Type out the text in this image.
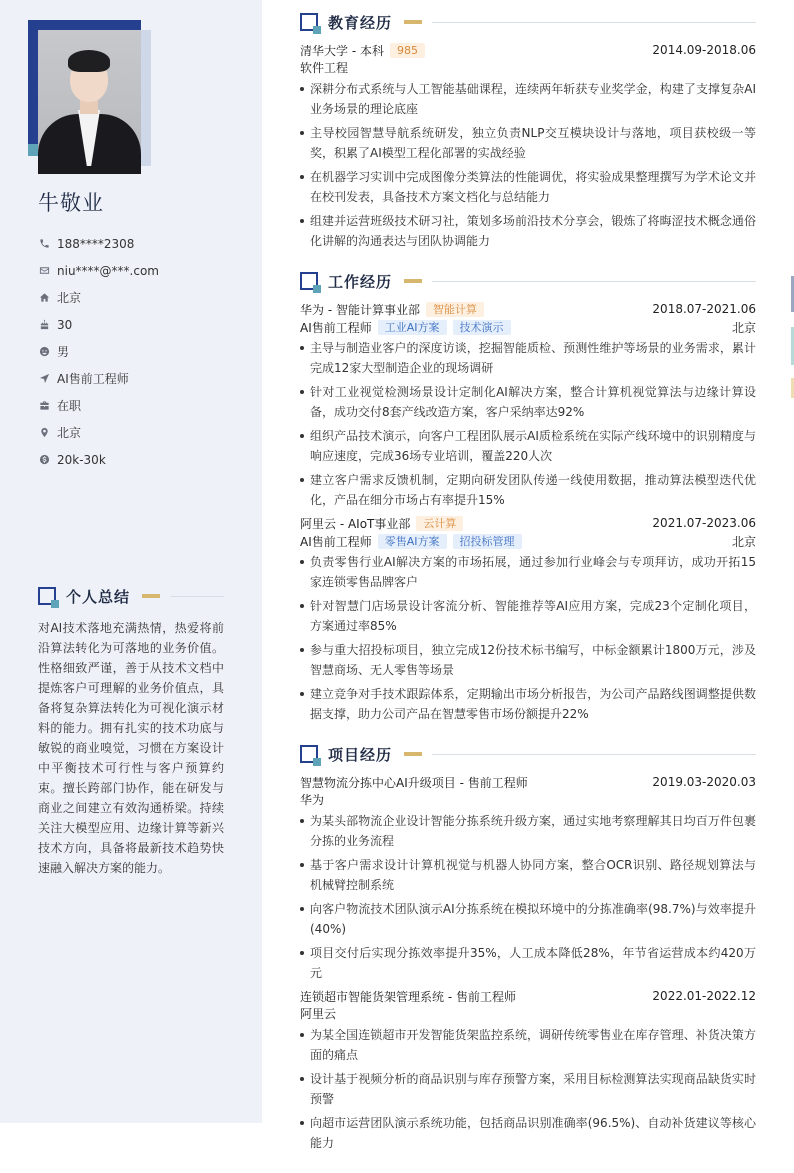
牛敬业
188****2308
niu****@***.com
北京
30
男
AI售前工程师
在职
北京
20k-30k
个人总结

对AI技术落地充满热情，热爱将前沿算法转化为可落地的业务价值。性格细致严谨，善于从技术文档中提炼客户可理解的业务价值点，具备将复杂算法转化为可视化演示材料的能力。拥有扎实的技术功底与敏锐的商业嗅觉，习惯在方案设计中平衡技术可行性与客户预算约束。擅长跨部门协作，能在研发与商业之间建立有效沟通桥梁。持续关注大模型应用、边缘计算等新兴技术方向，具备将最新技术趋势快速融入解决方案的能力。

教育经历
清华大学 - 本科	985	2014.09-2018.06
软件工程
深耕分布式系统与人工智能基础课程，连续两年斩获专业奖学金，构建了支撑复杂AI业务场景的理论底座
主导校园智慧导航系统研发，独立负责NLP交互模块设计与落地，项目获校级一等奖，积累了AI模型工程化部署的实战经验
在机器学习实训中完成图像分类算法的性能调优，将实验成果整理撰写为学术论文并在校刊发表，具备技术方案文档化与总结能力
组建并运营班级技术研习社，策划多场前沿技术分享会，锻炼了将晦涩技术概念通俗化讲解的沟通表达与团队协调能力
工作经历
华为 - 智能计算事业部	智能计算	2018.07-2021.06
AI售前工程师	工业AI方案	技术演示	北京
主导与制造业客户的深度访谈，挖掘智能质检、预测性维护等场景的业务需求，累计完成12家大型制造企业的现场调研
针对工业视觉检测场景设计定制化AI解决方案，整合计算机视觉算法与边缘计算设备，成功交付8套产线改造方案，客户采纳率达92%
组织产品技术演示，向客户工程团队展示AI质检系统在实际产线环境中的识别精度与响应速度，完成36场专业培训，覆盖220人次
建立客户需求反馈机制，定期向研发团队传递一线使用数据，推动算法模型迭代优化，产品在细分市场占有率提升15%
阿里云 - AIoT事业部	云计算	2021.07-2023.06
AI售前工程师	零售AI方案	招投标管理	北京
负责零售行业AI解决方案的市场拓展，通过参加行业峰会与专项拜访，成功开拓15家连锁零售品牌客户
针对智慧门店场景设计客流分析、智能推荐等AI应用方案，完成23个定制化项目，方案通过率85%
参与重大招投标项目，独立完成12份技术标书编写，中标金额累计1800万元，涉及智慧商场、无人零售等场景
建立竞争对手技术跟踪体系，定期输出市场分析报告，为公司产品路线图调整提供数据支撑，助力公司产品在智慧零售市场份额提升22%
项目经历
智慧物流分拣中心AI升级项目 - 售前工程师	2019.03-2020.03
华为
为某头部物流企业设计智能分拣系统升级方案，通过实地考察理解其日均百万件包裹分拣的业务流程
基于客户需求设计计算机视觉与机器人协同方案，整合OCR识别、路径规划算法与机械臂控制系统
向客户物流技术团队演示AI分拣系统在模拟环境中的分拣准确率(98.7%)与效率提升(40%)
项目交付后实现分拣效率提升35%，人工成本降低28%，年节省运营成本约420万元
连锁超市智能货架管理系统 - 售前工程师	2022.01-2022.12
阿里云
为某全国连锁超市开发智能货架监控系统，调研传统零售业在库存管理、补货决策方面的痛点
设计基于视频分析的商品识别与库存预警方案，采用目标检测算法实现商品缺货实时预警
向超市运营团队演示系统功能，包括商品识别准确率(96.5%)、自动补货建议等核心能力
